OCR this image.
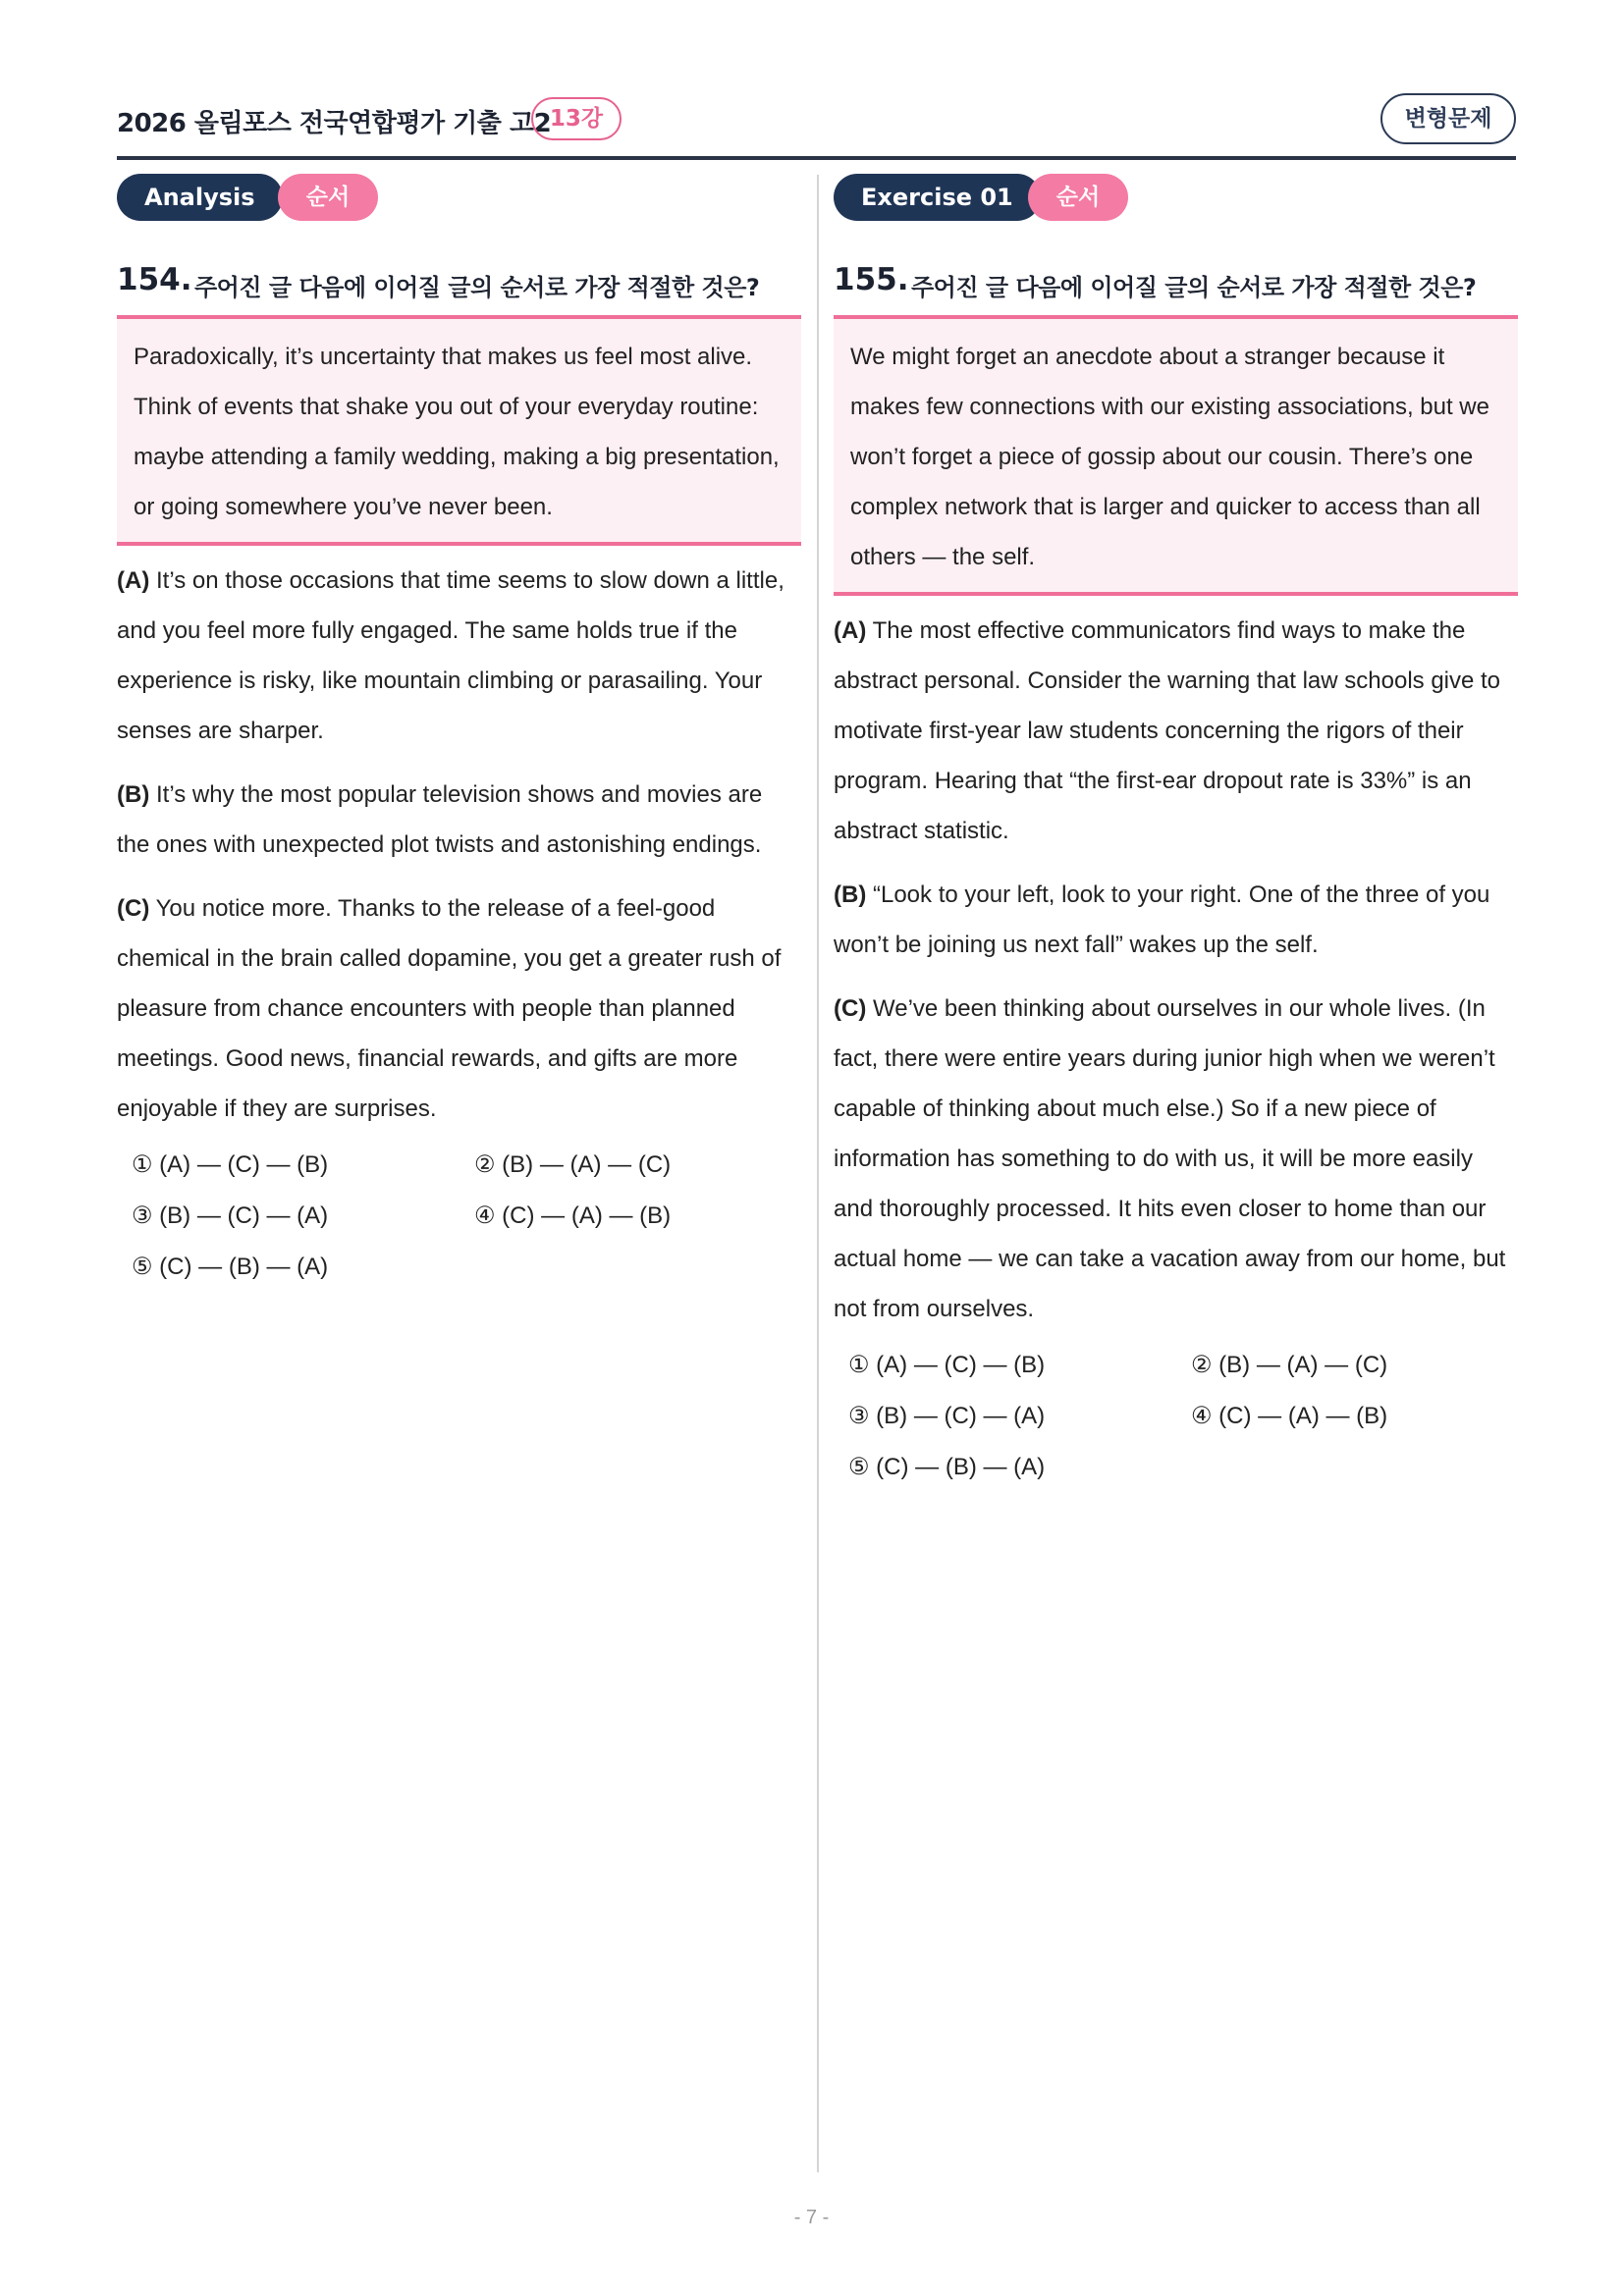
2026 올림포스 전국연합평가 기출 고2
13강	변형문제
Analysis	순서
154. 주어진 글 다음에 이어질 글의 순서로 가장 적절한 것은?
Paradoxically, it’s uncertainty that makes us feel most alive. Think of events that shake you out of your everyday routine: maybe attending a family wedding, making a big presentation, or going somewhere you’ve never been.

(A) It’s on those occasions that time seems to slow down a little, and you feel more fully engaged. The same holds true if the experience is risky, like mountain climbing or parasailing. Your senses are sharper.

(B) It’s why the most popular television shows and movies are the ones with unexpected plot twists and astonishing endings.

(C) You notice more. Thanks to the release of a feel-good chemical in the brain called dopamine, you get a greater rush of pleasure from chance encounters with people than planned meetings. Good news, financial rewards, and gifts are more enjoyable if they are surprises.

① (A) — (C) — (B)	② (B) — (A) — (C)
③ (B) — (C) — (A)	④ (C) — (A) — (B)
⑤ (C) — (B) — (A)
Exercise 01	순서
155. 주어진 글 다음에 이어질 글의 순서로 가장 적절한 것은?
We might forget an anecdote about a stranger because it makes few connections with our existing associations, but we won’t forget a piece of gossip about our cousin. There’s one complex network that is larger and quicker to access than all others — the self.

(A) The most effective communicators find ways to make the abstract personal. Consider the warning that law schools give to motivate first-year law students concerning the rigors of their program. Hearing that “the first-ear dropout rate is 33%” is an abstract statistic.

(B) “Look to your left, look to your right. One of the three of you won’t be joining us next fall” wakes up the self.

(C) We’ve been thinking about ourselves in our whole lives. (In fact, there were entire years during junior high when we weren’t capable of thinking about much else.) So if a new piece of information has something to do with us, it will be more easily and thoroughly processed. It hits even closer to home than our actual home — we can take a vacation away from our home, but not from ourselves.

① (A) — (C) — (B)	② (B) — (A) — (C)
③ (B) — (C) — (A)	④ (C) — (A) — (B)
⑤ (C) — (B) — (A)
- 7 -
